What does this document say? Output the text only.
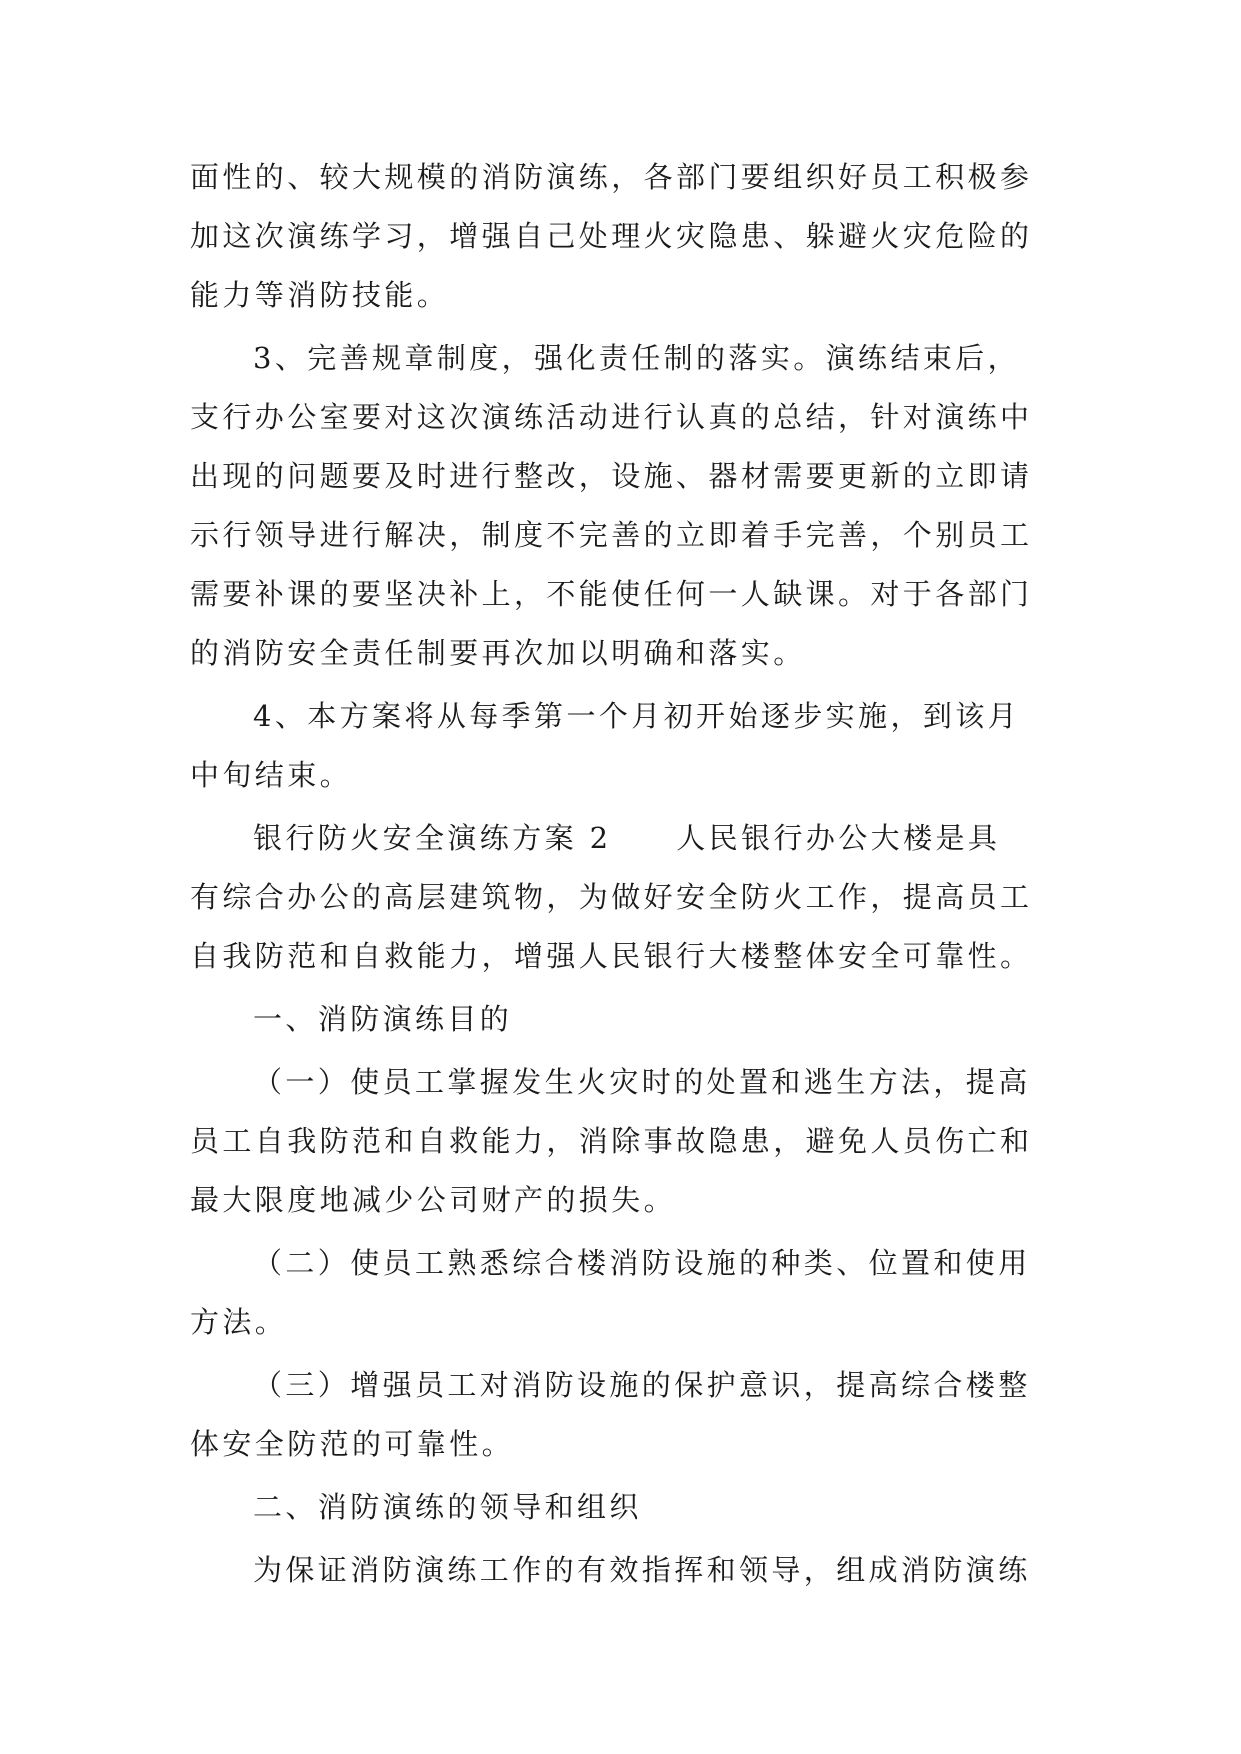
面性的、较大规模的消防演练，各部门要组织好员工积极参
加这次演练学习，增强自己处理火灾隐患、躲避火灾危险的
能力等消防技能。
3、完善规章制度，强化责任制的落实。演练结束后，
支行办公室要对这次演练活动进行认真的总结，针对演练中
出现的问题要及时进行整改，设施、器材需要更新的立即请
示行领导进行解决，制度不完善的立即着手完善，个别员工
需要补课的要坚决补上，不能使任何一人缺课。对于各部门
的消防安全责任制要再次加以明确和落实。
4、本方案将从每季第一个月初开始逐步实施，到该月
中旬结束。
银行防火安全演练方案 2　　人民银行办公大楼是具
有综合办公的高层建筑物，为做好安全防火工作，提高员工
自我防范和自救能力，增强人民银行大楼整体安全可靠性。
一、消防演练目的
（一）使员工掌握发生火灾时的处置和逃生方法，提高
员工自我防范和自救能力，消除事故隐患，避免人员伤亡和
最大限度地减少公司财产的损失。
（二）使员工熟悉综合楼消防设施的种类、位置和使用
方法。
（三）增强员工对消防设施的保护意识，提高综合楼整
体安全防范的可靠性。
二、消防演练的领导和组织
为保证消防演练工作的有效指挥和领导，组成消防演练
